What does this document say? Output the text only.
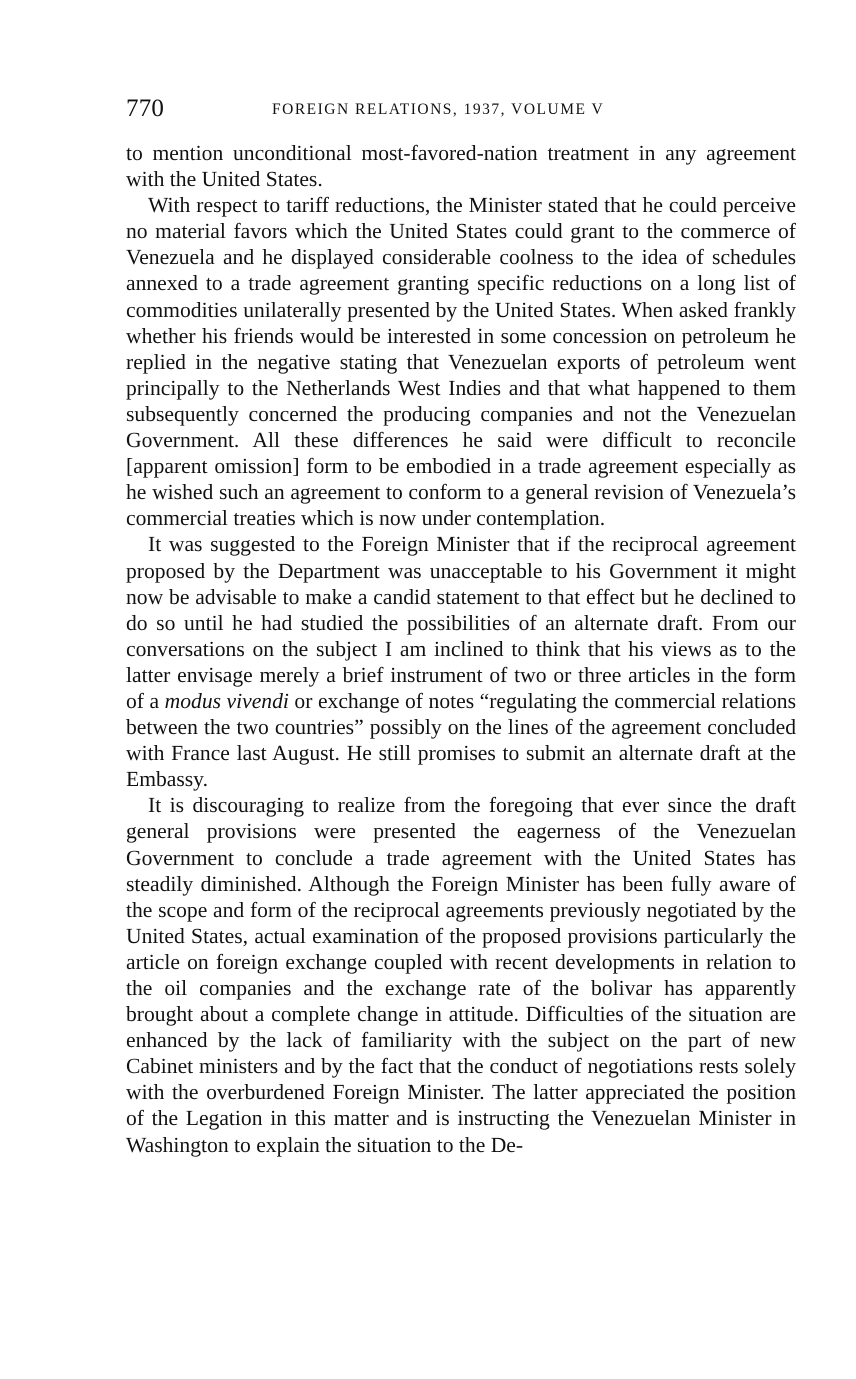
770	FOREIGN RELATIONS, 1937, VOLUME V

to mention unconditional most-favored-nation treatment in any agreement with the United States.

With respect to tariff reductions, the Minister stated that he could perceive no material favors which the United States could grant to the commerce of Venezuela and he displayed considerable coolness to the idea of schedules annexed to a trade agreement granting specific reductions on a long list of commodities unilaterally presented by the United States. When asked frankly whether his friends would be interested in some concession on petroleum he replied in the negative stating that Venezuelan exports of petroleum went principally to the Netherlands West Indies and that what happened to them subsequently concerned the producing companies and not the Venezuelan Government. All these differences he said were difficult to reconcile [apparent omission] form to be embodied in a trade agreement especially as he wished such an agreement to conform to a general revision of Venezuela’s commercial treaties which is now under contemplation.

It was suggested to the Foreign Minister that if the reciprocal agreement proposed by the Department was unacceptable to his Government it might now be advisable to make a candid statement to that effect but he declined to do so until he had studied the possibilities of an alternate draft. From our conversations on the subject I am inclined to think that his views as to the latter envisage merely a brief instrument of two or three articles in the form of a modus vivendi or exchange of notes “regulating the commercial relations between the two countries” possibly on the lines of the agreement concluded with France last August. He still promises to submit an alternate draft at the Embassy.

It is discouraging to realize from the foregoing that ever since the draft general provisions were presented the eagerness of the Venezuelan Government to conclude a trade agreement with the United States has steadily diminished. Although the Foreign Minister has been fully aware of the scope and form of the reciprocal agreements previously negotiated by the United States, actual examination of the proposed provisions particularly the article on foreign exchange coupled with recent developments in relation to the oil companies and the exchange rate of the bolivar has apparently brought about a complete change in attitude. Difficulties of the situation are enhanced by the lack of familiarity with the subject on the part of new Cabinet ministers and by the fact that the conduct of negotiations rests solely with the overburdened Foreign Minister. The latter appreciated the position of the Legation in this matter and is instructing the Venezuelan Minister in Washington to explain the situation to the De-
